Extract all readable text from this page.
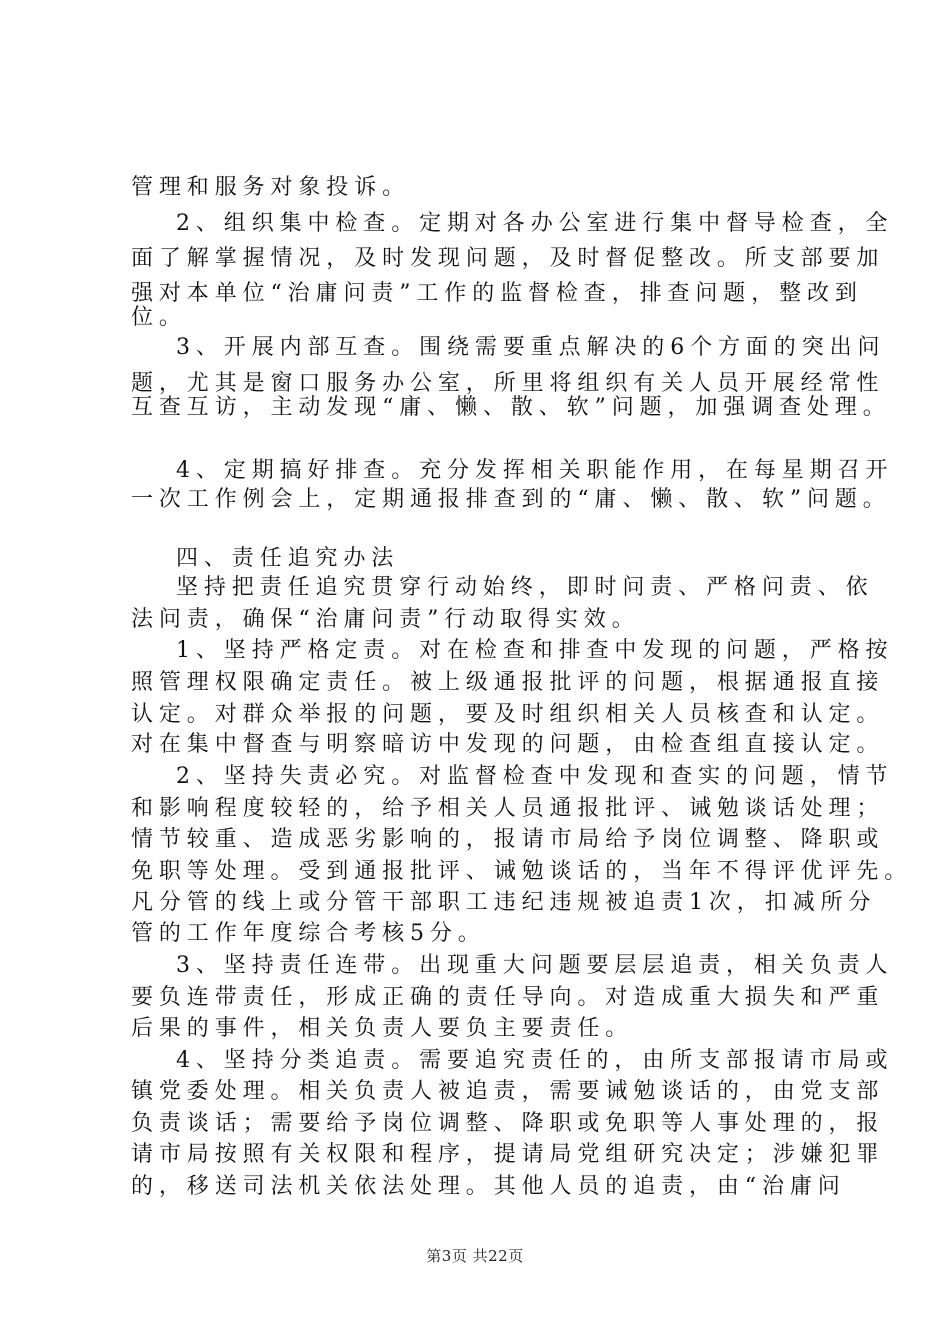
管理和服务对象投诉。
2、组织集中检查。定期对各办公室进行集中督导检查，全
面了解掌握情况，及时发现问题，及时督促整改。所支部要加
强对本单位“治庸问责”工作的监督检查，排查问题，整改到
位。
3、开展内部互查。围绕需要重点解决的6个方面的突出问
题，尤其是窗口服务办公室，所里将组织有关人员开展经常性
互查互访，主动发现“庸、懒、散、软”问题，加强调查处理。
4、定期搞好排查。充分发挥相关职能作用，在每星期召开
一次工作例会上，定期通报排查到的“庸、懒、散、软”问题。
四、责任追究办法
坚持把责任追究贯穿行动始终，即时问责、严格问责、依
法问责，确保“治庸问责”行动取得实效。
1、坚持严格定责。对在检查和排查中发现的问题，严格按
照管理权限确定责任。被上级通报批评的问题，根据通报直接
认定。对群众举报的问题，要及时组织相关人员核查和认定。
对在集中督查与明察暗访中发现的问题，由检查组直接认定。
2、坚持失责必究。对监督检查中发现和查实的问题，情节
和影响程度较轻的，给予相关人员通报批评、诫勉谈话处理；
情节较重、造成恶劣影响的，报请市局给予岗位调整、降职或
免职等处理。受到通报批评、诫勉谈话的，当年不得评优评先。
凡分管的线上或分管干部职工违纪违规被追责1次，扣减所分
管的工作年度综合考核5分。
3、坚持责任连带。出现重大问题要层层追责，相关负责人
要负连带责任，形成正确的责任导向。对造成重大损失和严重
后果的事件，相关负责人要负主要责任。
4、坚持分类追责。需要追究责任的，由所支部报请市局或
镇党委处理。相关负责人被追责，需要诫勉谈话的，由党支部
负责谈话；需要给予岗位调整、降职或免职等人事处理的，报
请市局按照有关权限和程序，提请局党组研究决定；涉嫌犯罪
的，移送司法机关依法处理。其他人员的追责，由“治庸问
第3页 共22页
